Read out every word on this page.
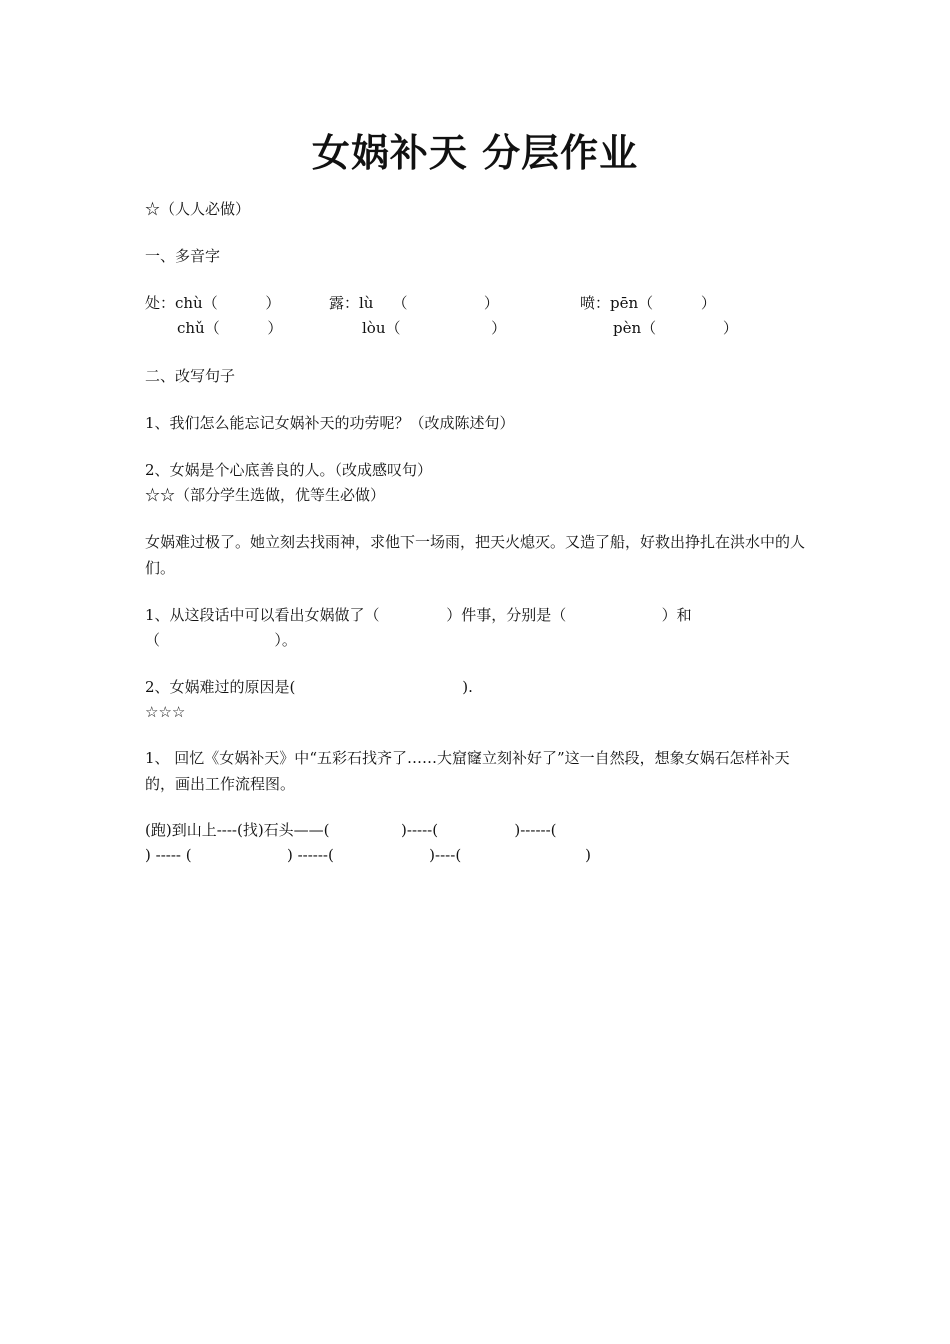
女娲补天 分层作业
☆（人人必做）
一、多音字
处：chù（          ）	露：lù    （                ）	喷：pēn（          ）
chǔ（          ）	lòu（                   ）	pèn（              ）
二、改写句子
1、我们怎么能忘记女娲补天的功劳呢？（改成陈述句）
2、女娲是个心底善良的人。（改成感叹句）
☆☆（部分学生选做，优等生必做）
女娲难过极了。她立刻去找雨神，求他下一场雨，把天火熄灭。又造了船，好救出挣扎在洪水中的人们。
1、从这段话中可以看出女娲做了（              ）件事，分别是（                    ）和
（                        ）。
2、女娲难过的原因是(                                   ).
☆☆☆
1、 回忆《女娲补天》中“五彩石找齐了……大窟窿立刻补好了”这一自然段，想象女娲石怎样补天的，画出工作流程图。
(跑)到山上----(找)石头——(               )-----(                )------(
) ----- (                    ) ------(                    )----(                          )
